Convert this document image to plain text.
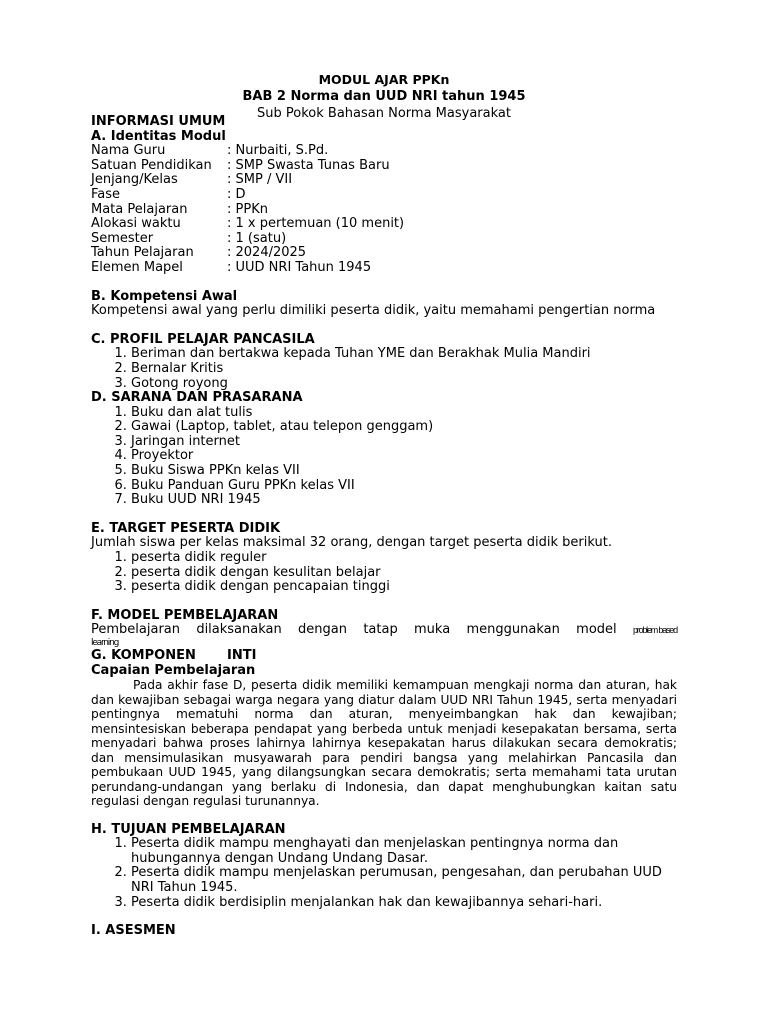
MODUL AJAR PPKn
BAB 2 Norma dan UUD NRI tahun 1945
Sub Pokok Bahasan Norma Masyarakat
INFORMASI UMUM
A. Identitas Modul
Nama Guru	: Nurbaiti, S.Pd.
Satuan Pendidikan	: SMP Swasta Tunas Baru
Jenjang/Kelas	: SMP / VII
Fase	: D
Mata Pelajaran	: PPKn
Alokasi waktu	: 1 x pertemuan (10 menit)
Semester	: 1 (satu)
Tahun Pelajaran	: 2024/2025
Elemen Mapel	: UUD NRI Tahun 1945
B. Kompetensi Awal
Kompetensi awal yang perlu dimiliki peserta didik, yaitu memahami pengertian norma
C. PROFIL PELAJAR PANCASILA
1. Beriman dan bertakwa kepada Tuhan YME dan Berakhak Mulia Mandiri
2. Bernalar Kritis
3. Gotong royong
D. SARANA DAN PRASARANA
1. Buku dan alat tulis
2. Gawai (Laptop, tablet, atau telepon genggam)
3. Jaringan internet
4. Proyektor
5. Buku Siswa PPKn kelas VII
6. Buku Panduan Guru PPKn kelas VII
7. Buku UUD NRI 1945
E. TARGET PESERTA DIDIK
Jumlah siswa per kelas maksimal 32 orang, dengan target peserta didik berikut.
1. peserta didik reguler
2. peserta didik dengan kesulitan belajar
3. peserta didik dengan pencapaian tinggi
F. MODEL PEMBELAJARAN
Pembelajaran dilaksanakan dengan tatap muka menggunakan model problem based
learning
G. KOMPONEN	INTI
Capaian Pembelajaran

Pada akhir fase D, peserta didik memiliki kemampuan mengkaji norma dan aturan, hak dan kewajiban sebagai warga negara yang diatur dalam UUD NRI Tahun 1945, serta menyadari pentingnya mematuhi norma dan aturan, menyeimbangkan hak dan kewajiban; mensintesiskan beberapa pendapat yang berbeda untuk menjadi kesepakatan bersama, serta menyadari bahwa proses lahirnya lahirnya kesepakatan harus dilakukan secara demokratis; dan mensimulasikan musyawarah para pendiri bangsa yang melahirkan Pancasila dan pembukaan UUD 1945, yang dilangsungkan secara demokratis; serta memahami tata urutan perundang-undangan yang berlaku di Indonesia, dan dapat menghubungkan kaitan satu regulasi dengan regulasi turunannya.

H. TUJUAN PEMBELAJARAN
1. Peserta didik mampu menghayati dan menjelaskan pentingnya norma dan hubungannya dengan Undang Undang Dasar.
2. Peserta didik mampu menjelaskan perumusan, pengesahan, dan perubahan UUD NRI Tahun 1945.
3. Peserta didik berdisiplin menjalankan hak dan kewajibannya sehari-hari.
I. ASESMEN
